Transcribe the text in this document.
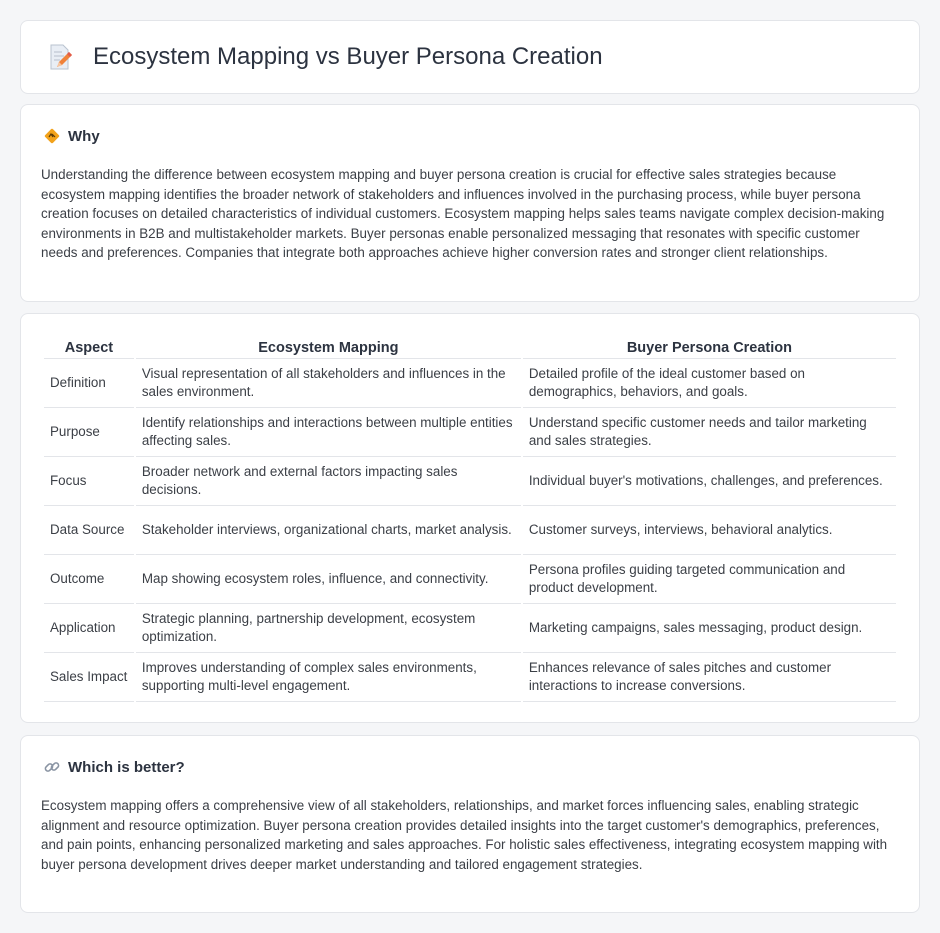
Ecosystem Mapping vs Buyer Persona Creation
Why

Understanding the difference between ecosystem mapping and buyer persona creation is crucial for effective sales strategies because ecosystem mapping identifies the broader network of stakeholders and influences involved in the purchasing process, while buyer persona creation focuses on detailed characteristics of individual customers. Ecosystem mapping helps sales teams navigate complex decision-making environments in B2B and multistakeholder markets. Buyer personas enable personalized messaging that resonates with specific customer needs and preferences. Companies that integrate both approaches achieve higher conversion rates and stronger client relationships.

Aspect	Ecosystem Mapping	Buyer Persona Creation
Definition	Visual representation of all stakeholders and influences in the sales environment.	Detailed profile of the ideal customer based on demographics, behaviors, and goals.
Purpose	Identify relationships and interactions between multiple entities affecting sales.	Understand specific customer needs and tailor marketing and sales strategies.
Focus	Broader network and external factors impacting sales decisions.	Individual buyer's motivations, challenges, and preferences.
Data Source	Stakeholder interviews, organizational charts, market analysis.	Customer surveys, interviews, behavioral analytics.
Outcome	Map showing ecosystem roles, influence, and connectivity.	Persona profiles guiding targeted communication and product development.
Application	Strategic planning, partnership development, ecosystem optimization.	Marketing campaigns, sales messaging, product design.
Sales Impact	Improves understanding of complex sales environments, supporting multi-level engagement.	Enhances relevance of sales pitches and customer interactions to increase conversions.
Which is better?

Ecosystem mapping offers a comprehensive view of all stakeholders, relationships, and market forces influencing sales, enabling strategic alignment and resource optimization. Buyer persona creation provides detailed insights into the target customer's demographics, preferences, and pain points, enhancing personalized marketing and sales approaches. For holistic sales effectiveness, integrating ecosystem mapping with buyer persona development drives deeper market understanding and tailored engagement strategies.
